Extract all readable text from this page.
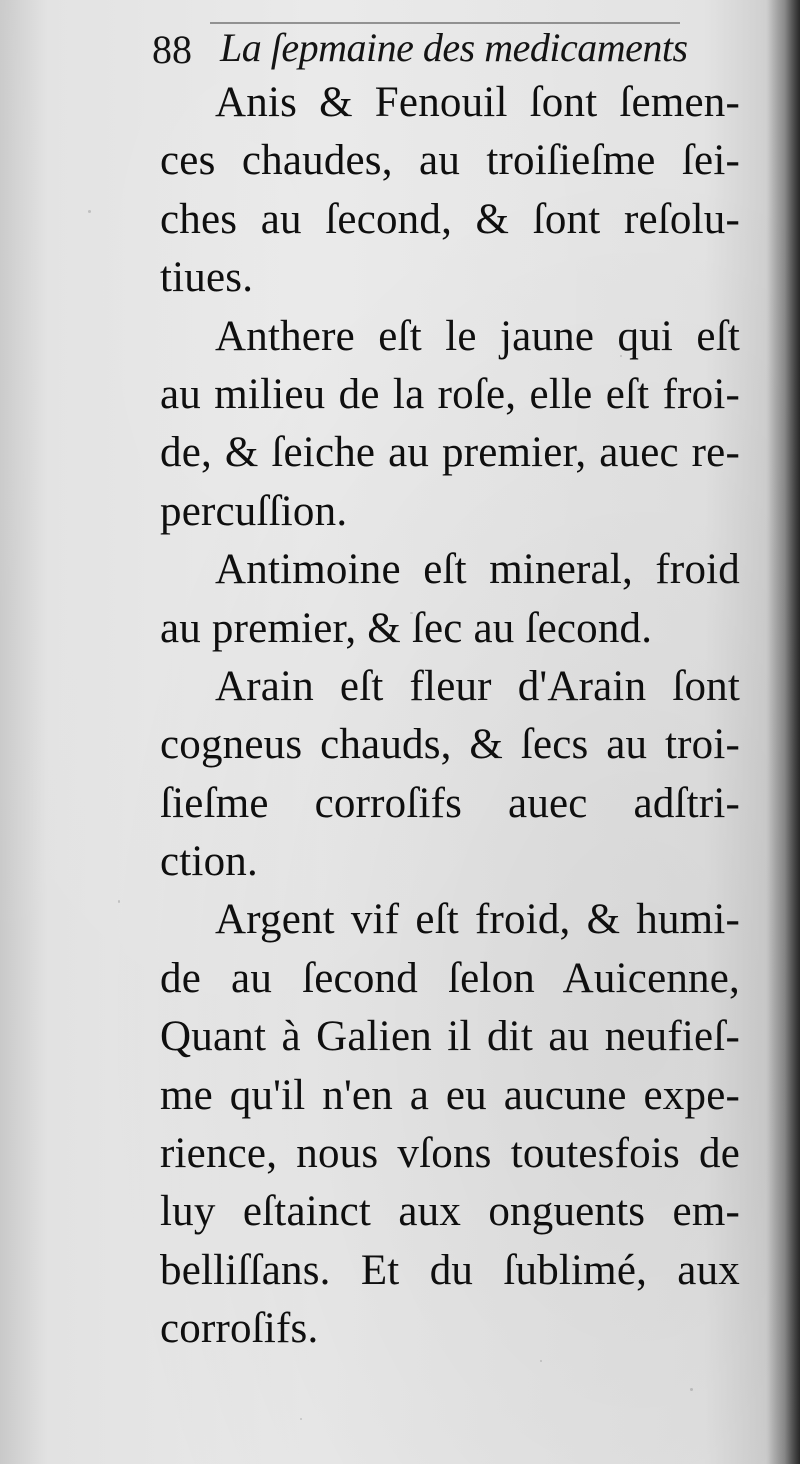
88 La ſepmaine des medicaments
Anis & Fenouil ſont ſemen-
ces chaudes, au troiſieſme ſei-
ches au ſecond, & ſont reſolu-
tiues.
Anthere eſt le jaune qui eſt
au milieu de la roſe, elle eſt froi-
de, & ſeiche au premier, auec re-
percuſſion.
Antimoine eſt mineral, froid
au premier, & ſec au ſecond.
Arain eſt fleur d'Arain ſont
cogneus chauds, & ſecs au troi-
ſieſme corroſifs auec adſtri-
ction.
Argent vif eſt froid, & humi-
de au ſecond ſelon Auicenne,
Quant à Galien il dit au neufieſ-
me qu'il n'en a eu aucune expe-
rience, nous vſons toutesfois de
luy eſtainct aux onguents em-
belliſſans. Et du ſublimé, aux
corroſifs.
